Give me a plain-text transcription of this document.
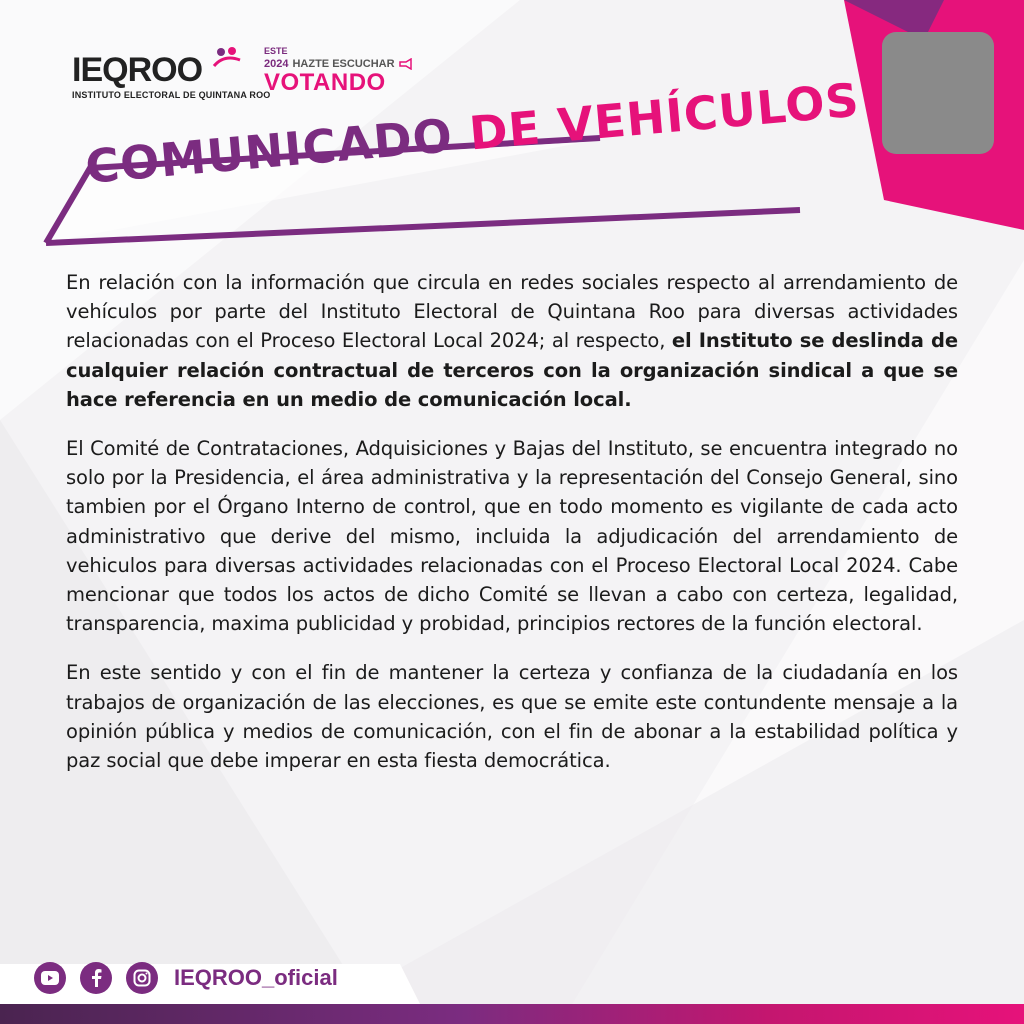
IEQROO
INSTITUTO ELECTORAL DE QUINTANA ROO
ESTE
2024 HAZTE ESCUCHAR
VOTANDO
COMUNICADO DE VEHÍCULOS

En relación con la información que circula en redes sociales respecto al arrendamiento de vehículos por parte del Instituto Electoral de Quintana Roo para diversas actividades relacionadas con el Proceso Electoral Local 2024; al respecto, el Instituto se deslinda de cualquier relación contractual de terceros con la organización sindical a que se hace referencia en un medio de comunicación local.

El Comité de Contrataciones, Adquisiciones y Bajas del Instituto, se encuentra integrado no solo por la Presidencia, el área administrativa y la representación del Consejo General, sino tambien por el Órgano Interno de control, que en todo momento es vigilante de cada acto administrativo que derive del mismo, incluida la adjudicación del arrendamiento de vehiculos para diversas actividades relacionadas con el Proceso Electoral Local 2024. Cabe mencionar que todos los actos de dicho Comité se llevan a cabo con certeza, legalidad, transparencia, maxima publicidad y probidad, principios rectores de la función electoral.

En este sentido y con el fin de mantener la certeza y confianza de la ciudadanía en los trabajos de organización de las elecciones, es que se emite este contundente mensaje a la opinión pública y medios de comunicación, con el fin de abonar a la estabilidad política y paz social que debe imperar en esta fiesta democrática.

IEQROO_oficial
